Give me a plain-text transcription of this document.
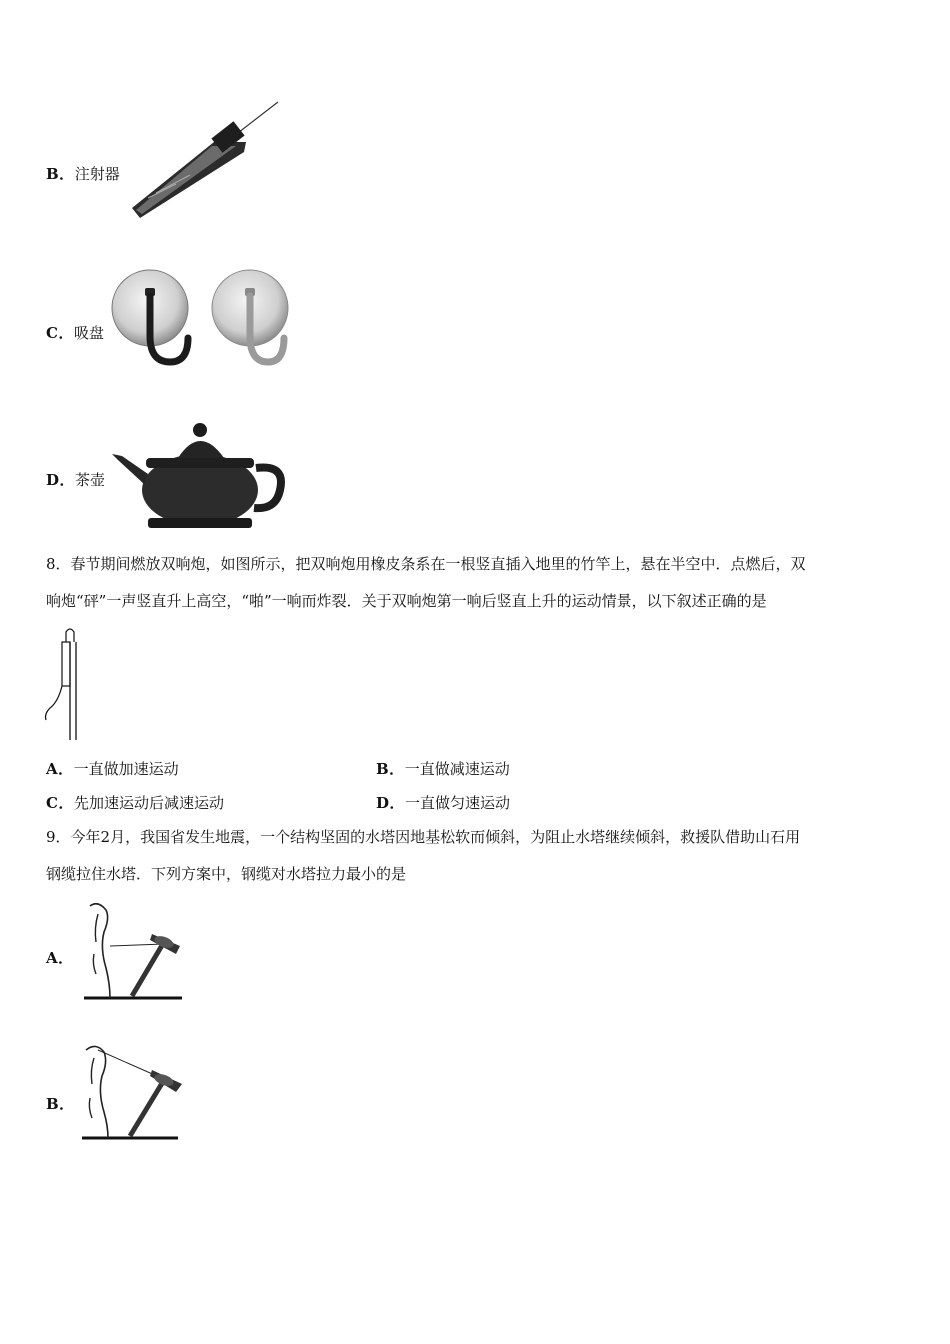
B．注射器
C．吸盘
D．茶壶
8．春节期间燃放双响炮，如图所示，把双响炮用橡皮条系在一根竖直插入地里的竹竿上，悬在半空中．点燃后，双
响炮“砰”一声竖直升上高空，“啪”一响而炸裂．关于双响炮第一响后竖直上升的运动情景，以下叙述正确的是
A．一直做加速运动	B．一直做减速运动
C．先加速运动后减速运动	D．一直做匀速运动
9．今年2月，我国省发生地震，一个结构坚固的水塔因地基松软而倾斜，为阻止水塔继续倾斜，救援队借助山石用
钢缆拉住水塔．下列方案中，钢缆对水塔拉力最小的是
A．
B．
